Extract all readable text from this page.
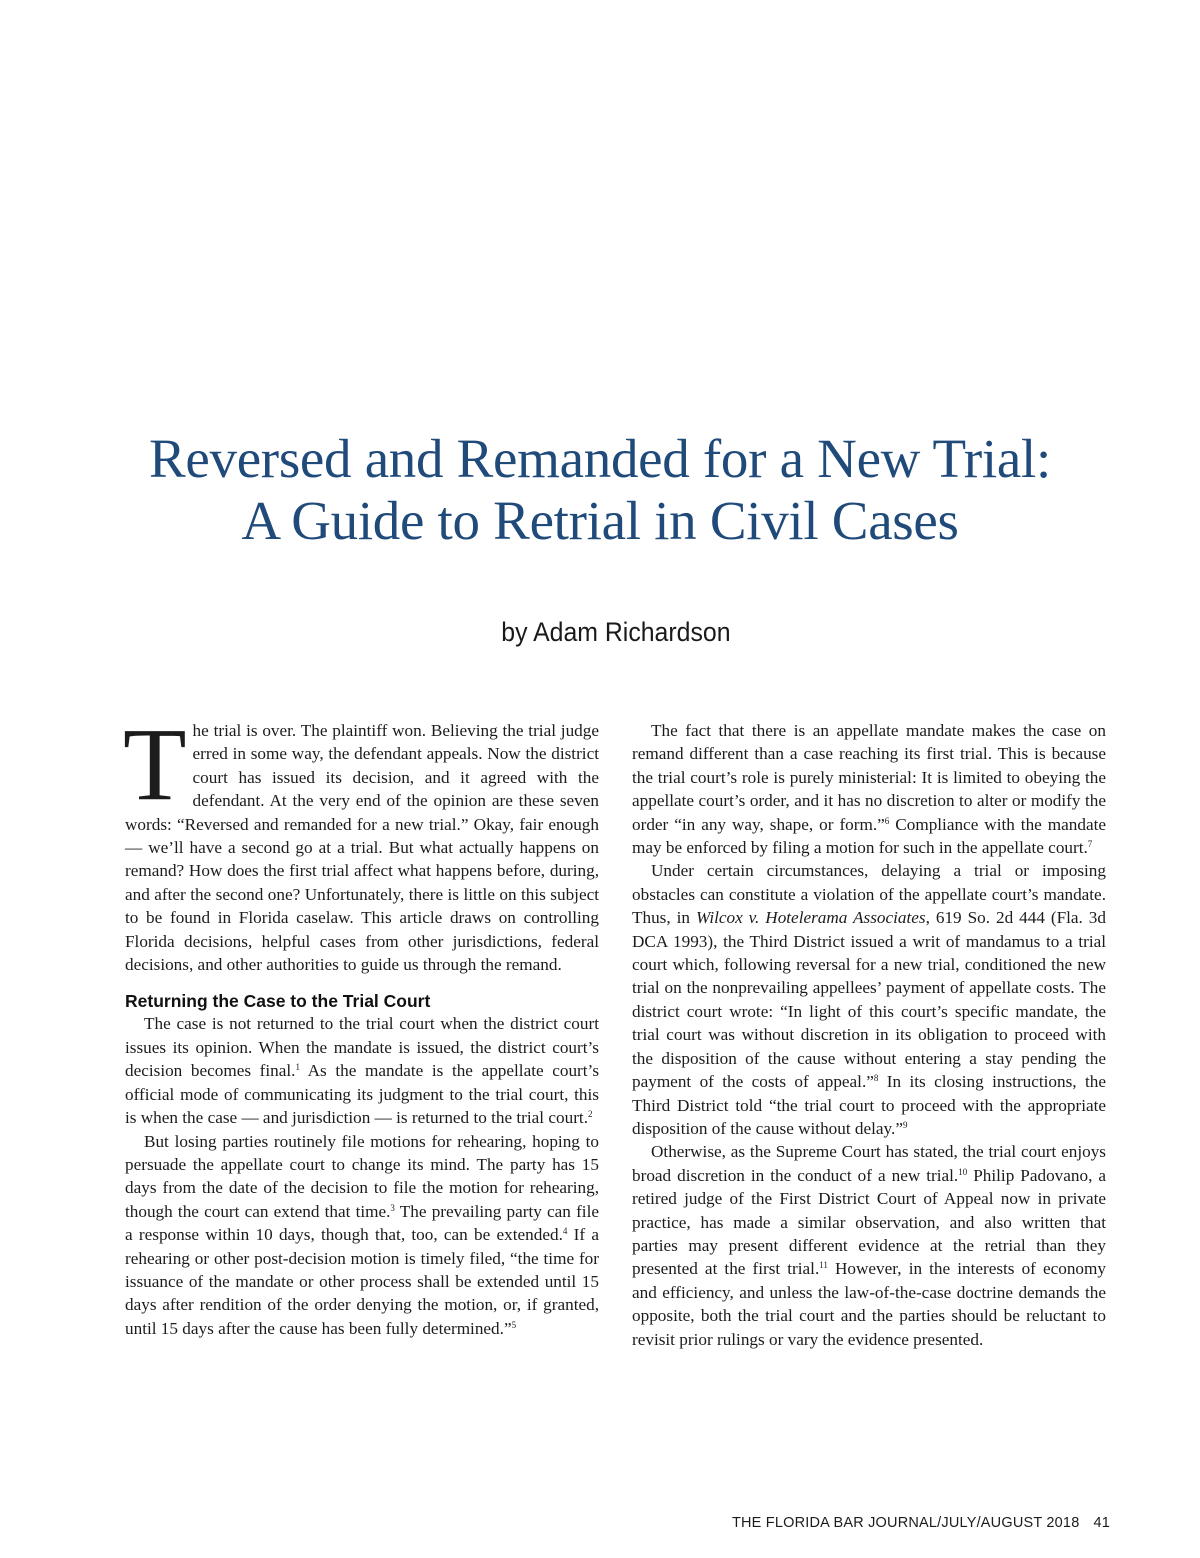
Reversed and Remanded for a New Trial:
A Guide to Retrial in Civil Cases
by Adam Richardson

The trial is over. The plaintiff won. Believing the trial judge erred in some way, the defendant appeals. Now the district court has issued its decision, and it agreed with the defendant. At the very end of the opinion are these seven words: “Reversed and remanded for a new trial.” Okay, fair enough — we’ll have a second go at a trial. But what actually happens on remand? How does the first trial affect what happens before, during, and after the second one? Unfortunately, there is little on this subject to be found in Florida caselaw. This article draws on controlling Florida decisions, helpful cases from other jurisdictions, federal decisions, and other authorities to guide us through the remand.

Returning the Case to the Trial Court

The case is not returned to the trial court when the district court issues its opinion. When the mandate is issued, the district court’s decision becomes final.$^1$ As the mandate is the appellate court’s official mode of communicating its judgment to the trial court, this is when the case — and jurisdiction — is returned to the trial court.$^2$

But losing parties routinely file motions for rehearing, hoping to persuade the appellate court to change its mind. The party has 15 days from the date of the decision to file the motion for rehearing, though the court can extend that time.$^3$ The prevailing party can file a response within 10 days, though that, too, can be extended.$^4$ If a rehearing or other post-decision motion is timely filed, “the time for issuance of the mandate or other process shall be extended until 15 days after rendition of the order denying the motion, or, if granted, until 15 days after the cause has been fully determined.”$^5$

The fact that there is an appellate mandate makes the case on remand different than a case reaching its first trial. This is because the trial court’s role is purely ministerial: It is limited to obeying the appellate court’s order, and it has no discretion to alter or modify the order “in any way, shape, or form.”$^6$ Compliance with the mandate may be enforced by filing a motion for such in the appellate court.$^7$

Under certain circumstances, delaying a trial or imposing obstacles can constitute a violation of the appellate court’s mandate. Thus, in Wilcox v. Hotelerama Associates, 619 So. 2d 444 (Fla. 3d DCA 1993), the Third District issued a writ of mandamus to a trial court which, following reversal for a new trial, conditioned the new trial on the nonprevailing appellees’ payment of appellate costs. The district court wrote: “In light of this court’s specific mandate, the trial court was without discretion in its obligation to proceed with the disposition of the cause without entering a stay pending the payment of the costs of appeal.”$^8$ In its closing instructions, the Third District told “the trial court to proceed with the appropriate disposition of the cause without delay.”$^9$

Otherwise, as the Supreme Court has stated, the trial court enjoys broad discretion in the conduct of a new trial.$^{10}$ Philip Padovano, a retired judge of the First District Court of Appeal now in private practice, has made a similar observation, and also written that parties may present different evidence at the retrial than they presented at the first trial.$^{11}$ However, in the interests of economy and efficiency, and unless the law-of-the-case doctrine demands the opposite, both the trial court and the parties should be reluctant to revisit prior rulings or vary the evidence presented.

THE FLORIDA BAR JOURNAL/JULY/AUGUST 2018 41
